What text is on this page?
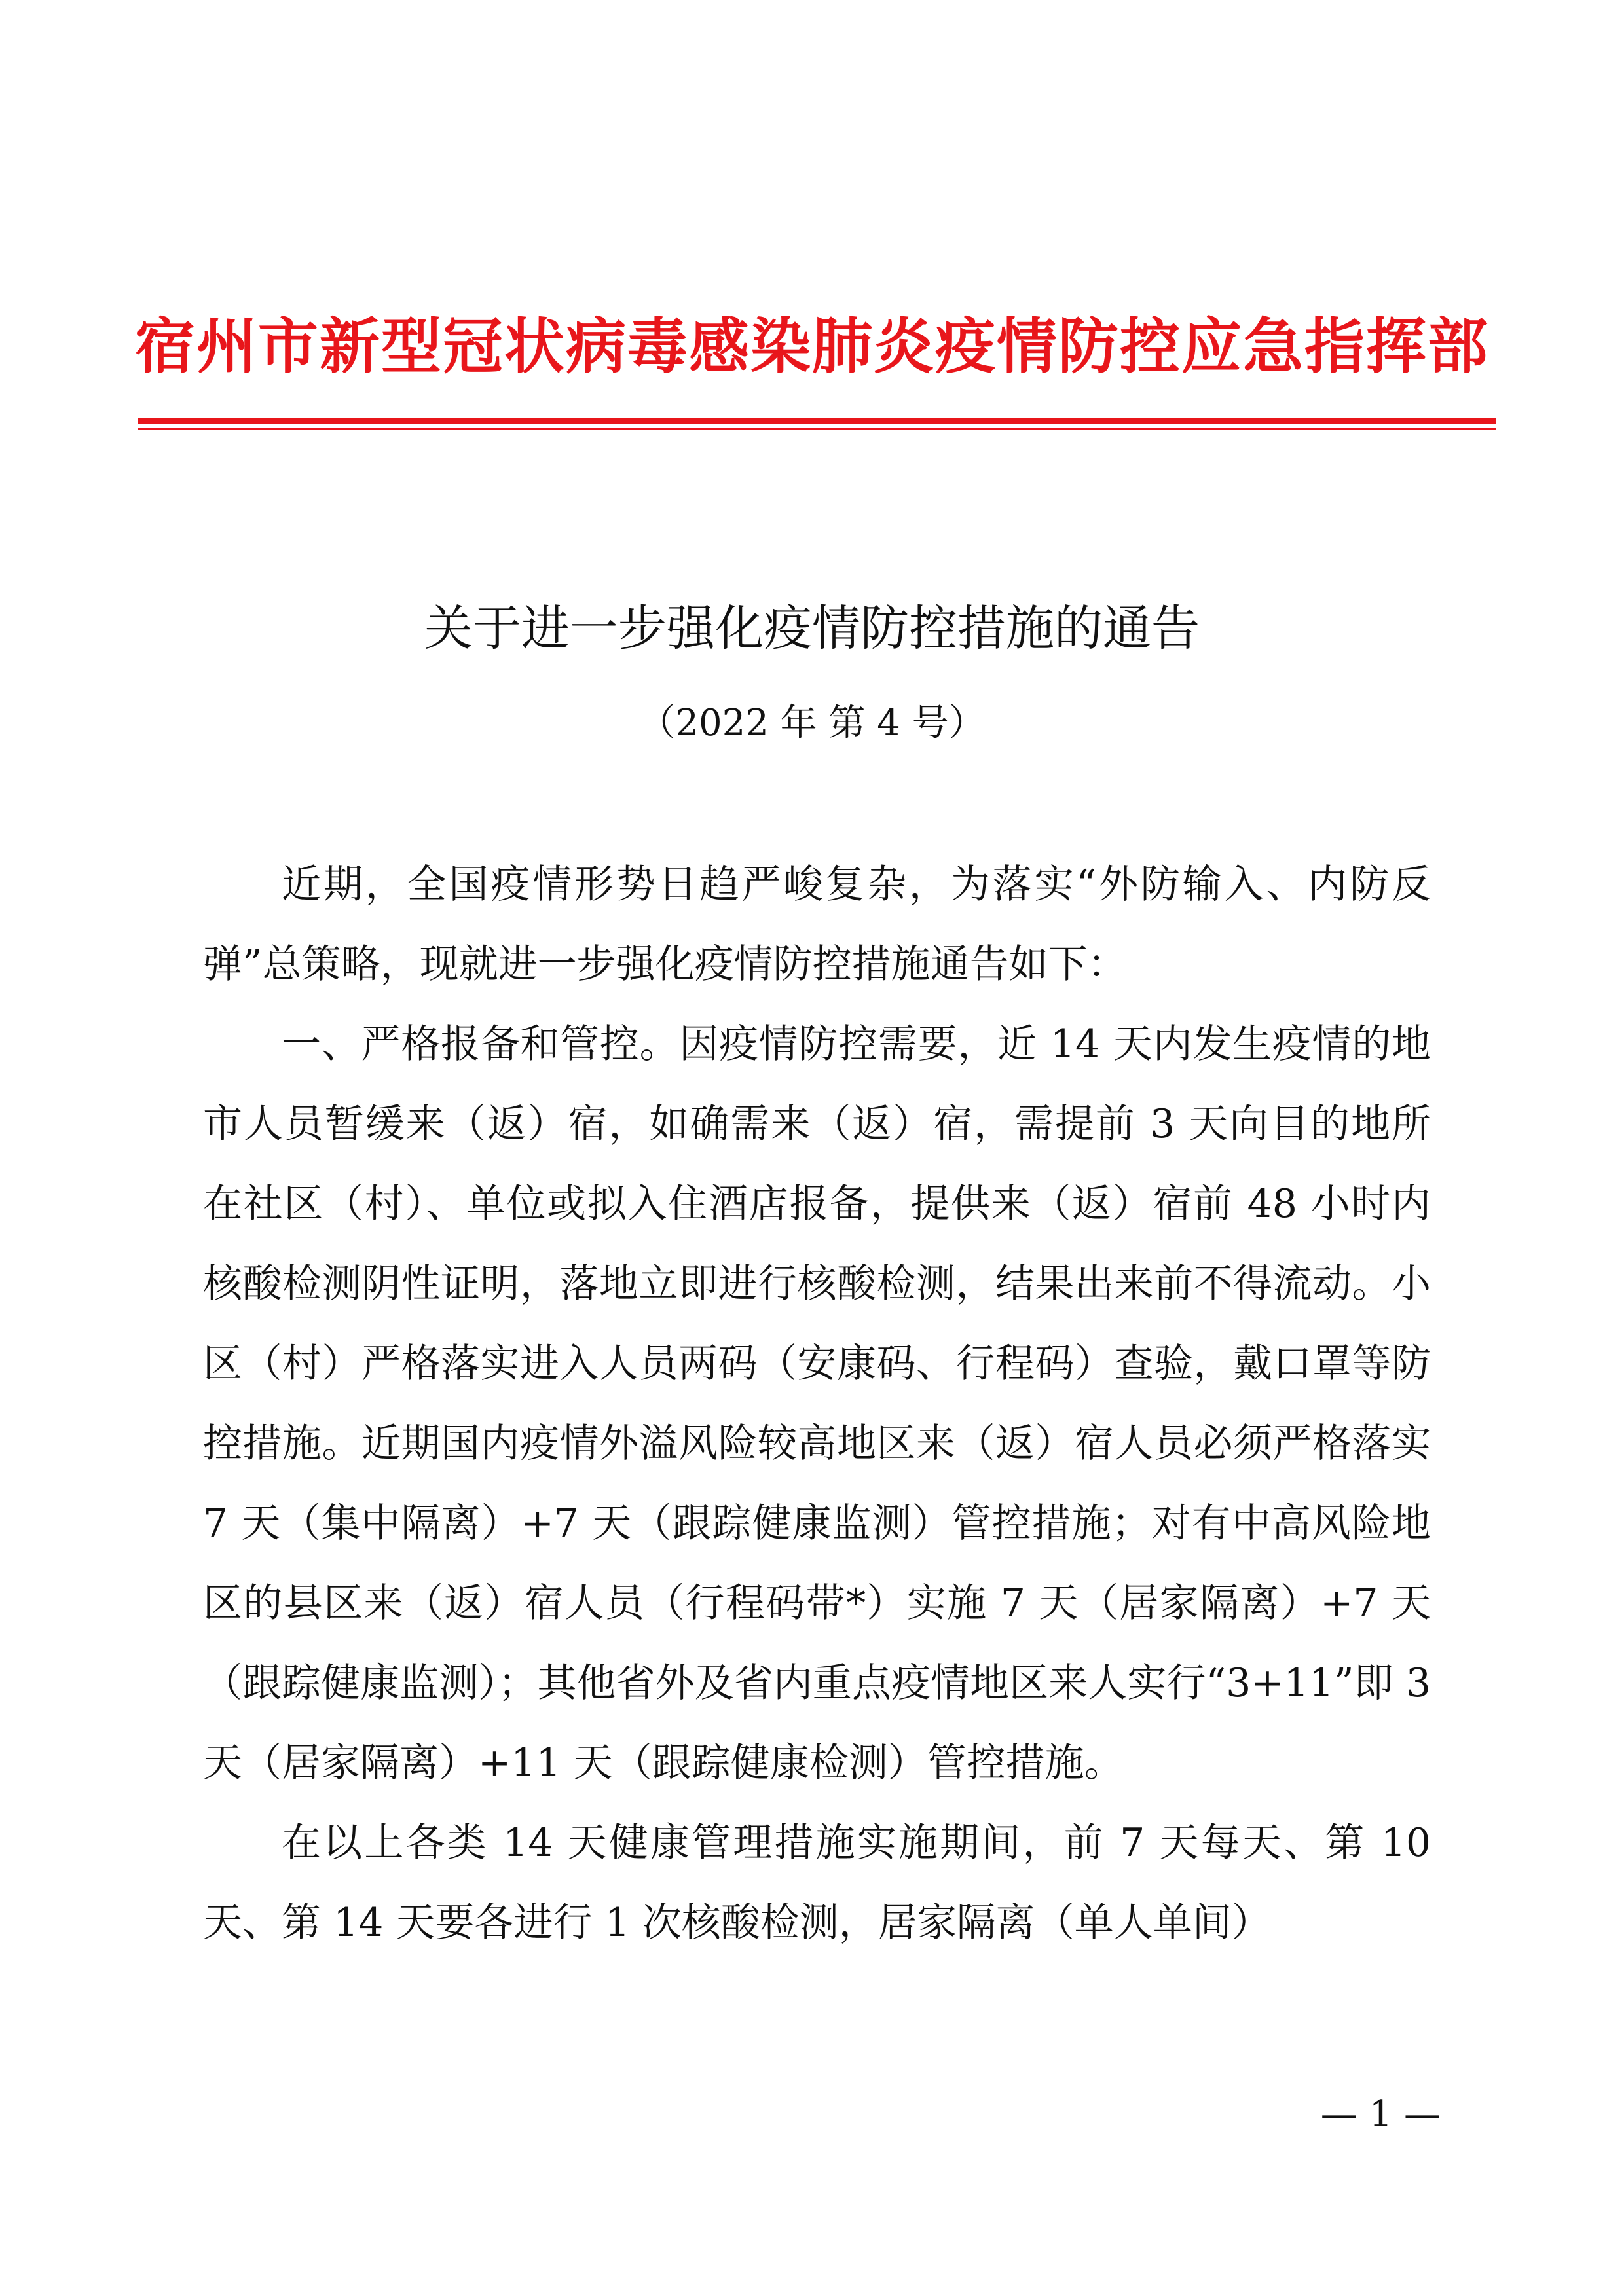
宿州市新型冠状病毒感染肺炎疫情防控应急指挥部
关于进一步强化疫情防控措施的通告
（2022 年 第 4 号）

近期，全国疫情形势日趋严峻复杂，为落实“外防输入、内防反弹”总策略，现就进一步强化疫情防控措施通告如下：

一、严格报备和管控。因疫情防控需要，近 14 天内发生疫情的地市人员暂缓来（返）宿，如确需来（返）宿，需提前 3 天向目的地所在社区（村）、单位或拟入住酒店报备，提供来（返）宿前 48 小时内核酸检测阴性证明，落地立即进行核酸检测，结果出来前不得流动。小区（村）严格落实进入人员两码（安康码、行程码）查验，戴口罩等防控措施。近期国内疫情外溢风险较高地区来（返）宿人员必须严格落实 7 天（集中隔离）+7 天（跟踪健康监测）管控措施；对有中高风险地区的县区来（返）宿人员（行程码带*）实施 7 天（居家隔离）+7 天（跟踪健康监测）；其他省外及省内重点疫情地区来人实行“3+11”即 3 天（居家隔离）+11 天（跟踪健康检测）管控措施。

在以上各类 14 天健康管理措施实施期间，前 7 天每天、第 10 天、第 14 天要各进行 1 次核酸检测，居家隔离（单人单间）

— 1 —
